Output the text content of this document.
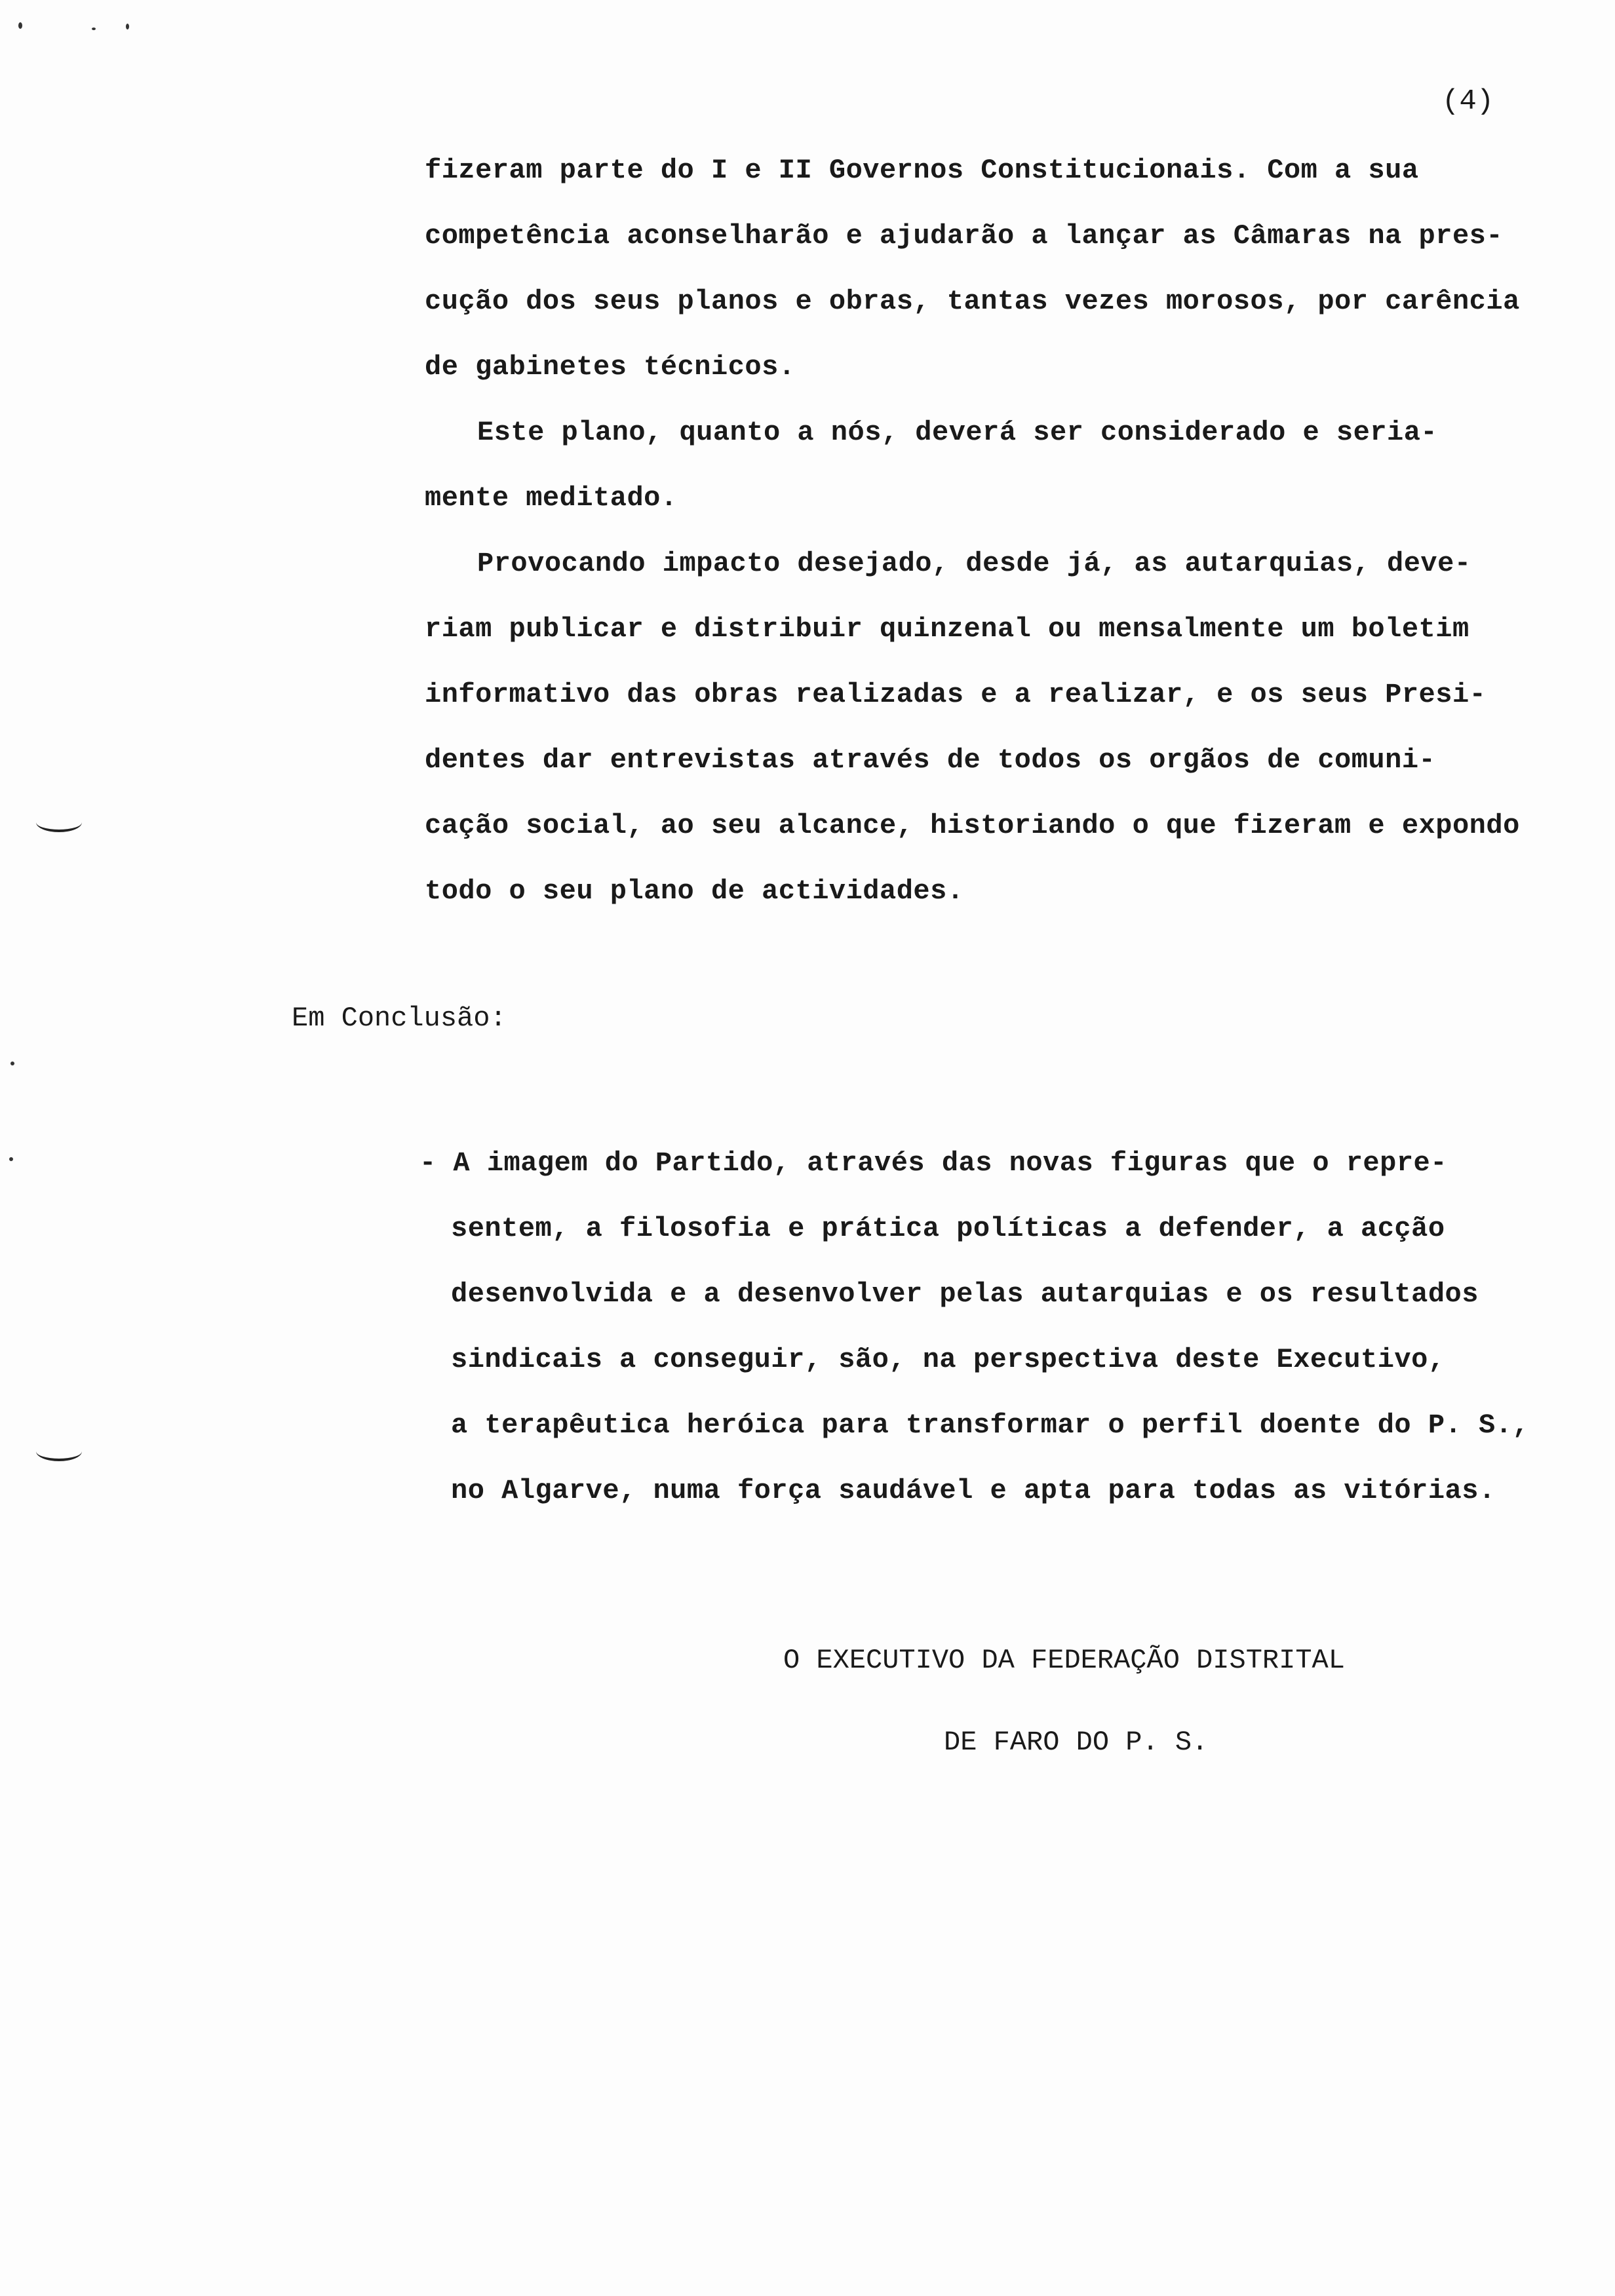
(4)
fizeram parte do I e II Governos Constitucionais. Com a sua
competência aconselharão e ajudarão a lançar as Câmaras na pres-
cução dos seus planos e obras, tantas vezes morosos, por carência
de gabinetes técnicos.
Este plano, quanto a nós, deverá ser considerado e seria-
mente meditado.
Provocando impacto desejado, desde já, as autarquias, deve-
riam publicar e distribuir quinzenal ou mensalmente um boletim
informativo das obras realizadas e a realizar, e os seus Presi-
dentes dar entrevistas através de todos os orgãos de comuni-
cação social, ao seu alcance, historiando o que fizeram e expondo
todo o seu plano de actividades.
Em Conclusão:
- A imagem do Partido, através das novas figuras que o repre-
sentem, a filosofia e prática políticas a defender, a acção
desenvolvida e a desenvolver pelas autarquias e os resultados
sindicais a conseguir, são, na perspectiva deste Executivo,
a terapêutica heróica para transformar o perfil doente do P. S.,
no Algarve, numa força saudável e apta para todas as vitórias.
O EXECUTIVO DA FEDERAÇÃO DISTRITAL
DE FARO DO P. S.
